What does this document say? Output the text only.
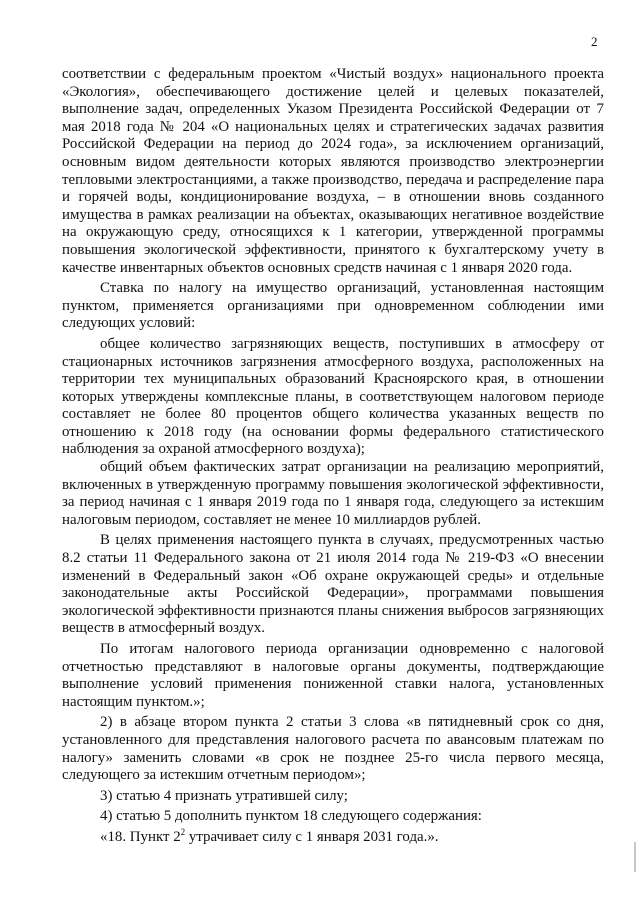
2

соответствии с федеральным проектом «Чистый воздух» национального проекта «Экология», обеспечивающего достижение целей и целевых показателей, выполнение задач, определенных Указом Президента Российской Федерации от 7 мая 2018 года № 204 «О национальных целях и стратегических задачах развития Российской Федерации на период до 2024 года», за исключением организаций, основным видом деятельности которых являются производство электроэнергии тепловыми электростанциями, а также производство, передача и распределение пара и горячей воды, кондиционирование воздуха, – в отношении вновь созданного имущества в рамках реализации на объектах, оказывающих негативное воздействие на окружающую среду, относящихся к 1 категории, утвержденной программы повышения экологической эффективности, принятого к бухгалтерскому учету в качестве инвентарных объектов основных средств начиная с 1 января 2020 года.

Ставка по налогу на имущество организаций, установленная настоящим пунктом, применяется организациями при одновременном соблюдении ими следующих условий:

общее количество загрязняющих веществ, поступивших в атмосферу от стационарных источников загрязнения атмосферного воздуха, расположенных на территории тех муниципальных образований Красноярского края, в отношении которых утверждены комплексные планы, в соответствующем налоговом периоде составляет не более 80 процентов общего количества указанных веществ по отношению к 2018 году (на основании формы федерального статистического наблюдения за охраной атмосферного воздуха);

общий объем фактических затрат организации на реализацию мероприятий, включенных в утвержденную программу повышения экологической эффективности, за период начиная с 1 января 2019 года по 1 января года, следующего за истекшим налоговым периодом, составляет не менее 10 миллиардов рублей.

В целях применения настоящего пункта в случаях, предусмотренных частью 8.2 статьи 11 Федерального закона от 21 июля 2014 года № 219-ФЗ «О внесении изменений в Федеральный закон «Об охране окружающей среды» и отдельные законодательные акты Российской Федерации», программами повышения экологической эффективности признаются планы снижения выбросов загрязняющих веществ в атмосферный воздух.

По итогам налогового периода организации одновременно с налоговой отчетностью представляют в налоговые органы документы, подтверждающие выполнение условий применения пониженной ставки налога, установленных настоящим пунктом.»;

2) в абзаце втором пункта 2 статьи 3 слова «в пятидневный срок со дня, установленного для представления налогового расчета по авансовым платежам по налогу» заменить словами «в срок не позднее 25-го числа первого месяца, следующего за истекшим отчетным периодом»;

3) статью 4 признать утратившей силу;

4) статью 5 дополнить пунктом 18 следующего содержания:

«18. Пункт $2^2$ утрачивает силу с 1 января 2031 года.».
